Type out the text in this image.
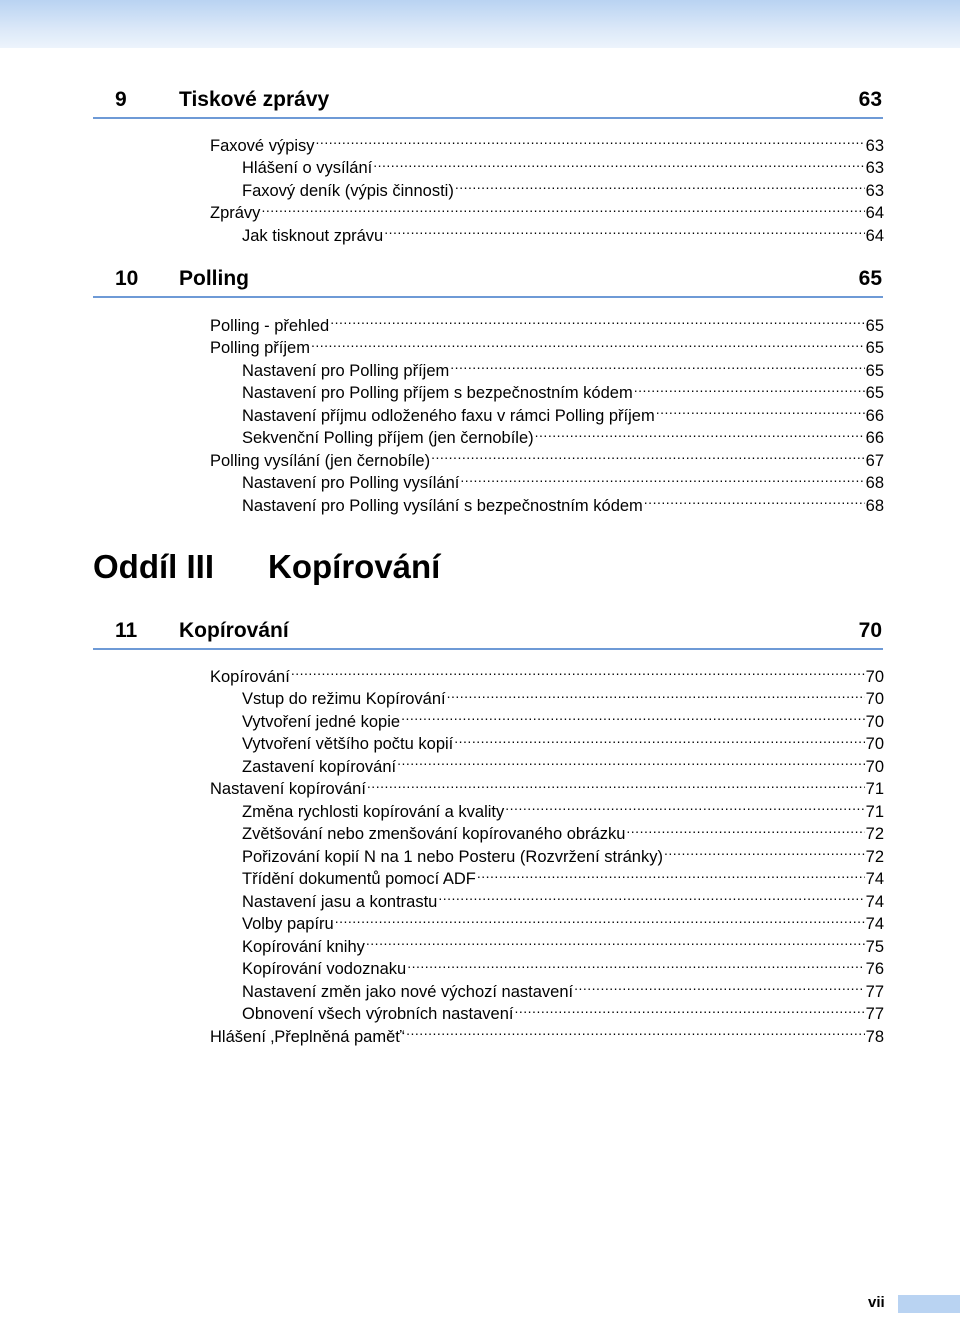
9 Tiskové zprávy	63
Faxové výpisy .....	63
Hlášení o vysílání .....	63
Faxový deník (výpis činnosti) .....	63
Zprávy .....	64
Jak tisknout zprávu .....	64
10 Polling	65
Polling - přehled .....	65
Polling příjem .....	65
Nastavení pro Polling příjem .....	65
Nastavení pro Polling příjem s bezpečnostním kódem .....	65
Nastavení příjmu odloženého faxu v rámci Polling příjem .....	66
Sekvenční Polling příjem (jen černobíle) .....	66
Polling vysílání (jen černobíle) .....	67
Nastavení pro Polling vysílání .....	68
Nastavení pro Polling vysílání s bezpečnostním kódem .....	68
Oddíl III Kopírování
11 Kopírování	70
Kopírování .....	70
Vstup do režimu Kopírování .....	70
Vytvoření jedné kopie .....	70
Vytvoření většího počtu kopií .....	70
Zastavení kopírování .....	70
Nastavení kopírování .....	71
Změna rychlosti kopírování a kvality .....	71
Zvětšování nebo zmenšování kopírovaného obrázku .....	72
Pořizování kopií N na 1 nebo Posteru (Rozvržení stránky) .....	72
Třídění dokumentů pomocí ADF .....	74
Nastavení jasu a kontrastu .....	74
Volby papíru .....	74
Kopírování knihy .....	75
Kopírování vodoznaku .....	76
Nastavení změn jako nové výchozí nastavení .....	77
Obnovení všech výrobních nastavení .....	77
Hlášení ‚Přeplněná paměť‘ .....	78
vii
